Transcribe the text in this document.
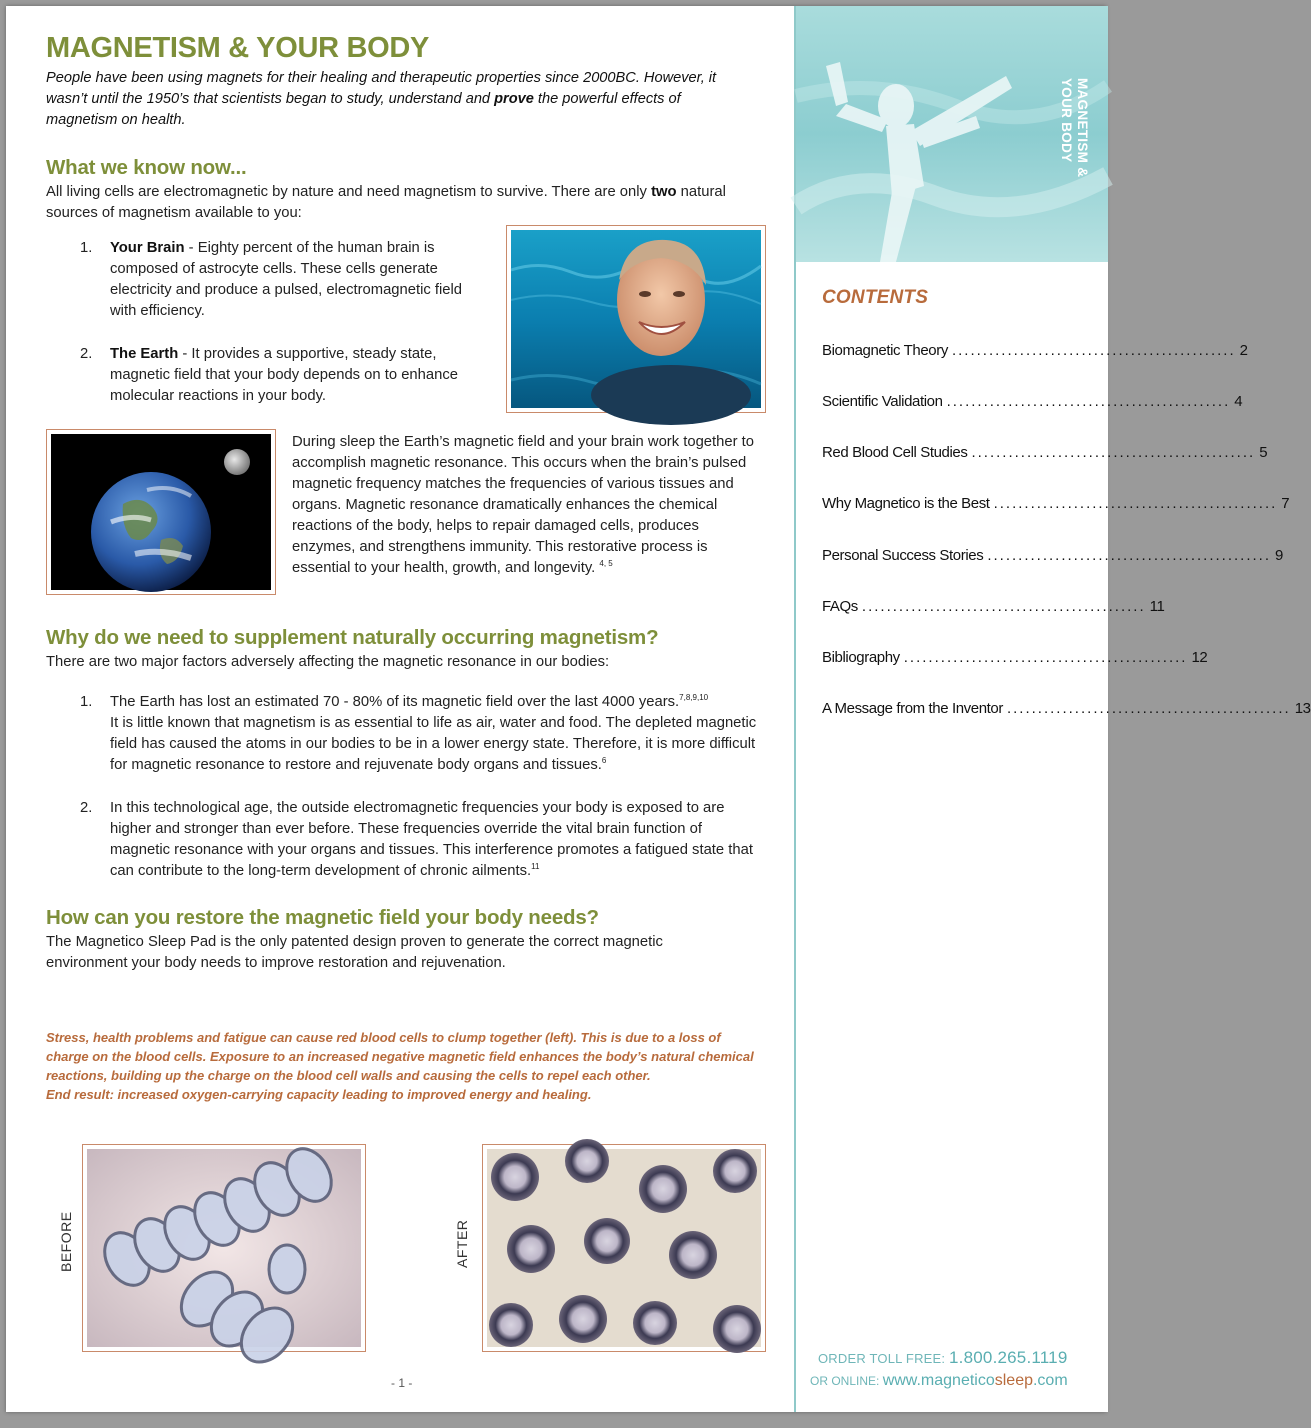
MAGNETISM & YOUR BODY

People have been using magnets for their healing and therapeutic properties since 2000BC. However, it wasn’t until the 1950’s that scientists began to study, understand and prove the powerful effects of magnetism on health.

What we know now...

All living cells are electromagnetic by nature and need magnetism to survive. There are only two natural sources of magnetism available to you:

1. Your Brain - Eighty percent of the human brain is composed of astrocyte cells. These cells generate electricity and produce a pulsed, electromagnetic field with efficiency.
2. The Earth - It provides a supportive, steady state, magnetic field that your body depends on to enhance molecular reactions in your body.

During sleep the Earth’s magnetic field and your brain work together to accomplish magnetic resonance. This occurs when the brain’s pulsed magnetic frequency matches the frequencies of various tissues and organs. Magnetic resonance dramatically enhances the chemical reactions of the body, helps to repair damaged cells, produces enzymes, and strengthens immunity. This restorative process is essential to your health, growth, and longevity. $^{4, 5}$

Why do we need to supplement naturally occurring magnetism?

There are two major factors adversely affecting the magnetic resonance in our bodies:

1. The Earth has lost an estimated 70 - 80% of its magnetic field over the last 4000 years.$^{7,8,9,10}$
It is little known that magnetism is as essential to life as air, water and food. The depleted magnetic field has caused the atoms in our bodies to be in a lower energy state. Therefore, it is more difficult for magnetic resonance to restore and rejuvenate body organs and tissues.$^6$
2. In this technological age, the outside electromagnetic frequencies your body is exposed to are higher and stronger than ever before. These frequencies override the vital brain function of magnetic resonance with your organs and tissues. This interference promotes a fatigued state that can contribute to the long-term development of chronic ailments.$^{11}$
How can you restore the magnetic field your body needs?

The Magnetico Sleep Pad is the only patented design proven to generate the correct magnetic environment your body needs to improve restoration and rejuvenation.

Stress, health problems and fatigue can cause red blood cells to clump together (left). This is due to a loss of charge on the blood cells. Exposure to an increased negative magnetic field enhances the body’s natural chemical reactions, building up the charge on the blood cell walls and causing the cells to repel each other.
End result: increased oxygen-carrying capacity leading to improved energy and healing.

BEFORE	AFTER
- 1 -
MAGNETISM &
YOUR BODY
CONTENTS
Biomagnetic Theory .............................................. 2
Scientific Validation .............................................. 4
Red Blood Cell Studies .............................................. 5
Why Magnetico is the Best .............................................. 7
Personal Success Stories .............................................. 9
FAQs .............................................. 11
Bibliography .............................................. 12
A Message from the Inventor .............................................. 13
ORDER TOLL FREE: 1.800.265.1119
OR ONLINE: www.magneticosleep.com
